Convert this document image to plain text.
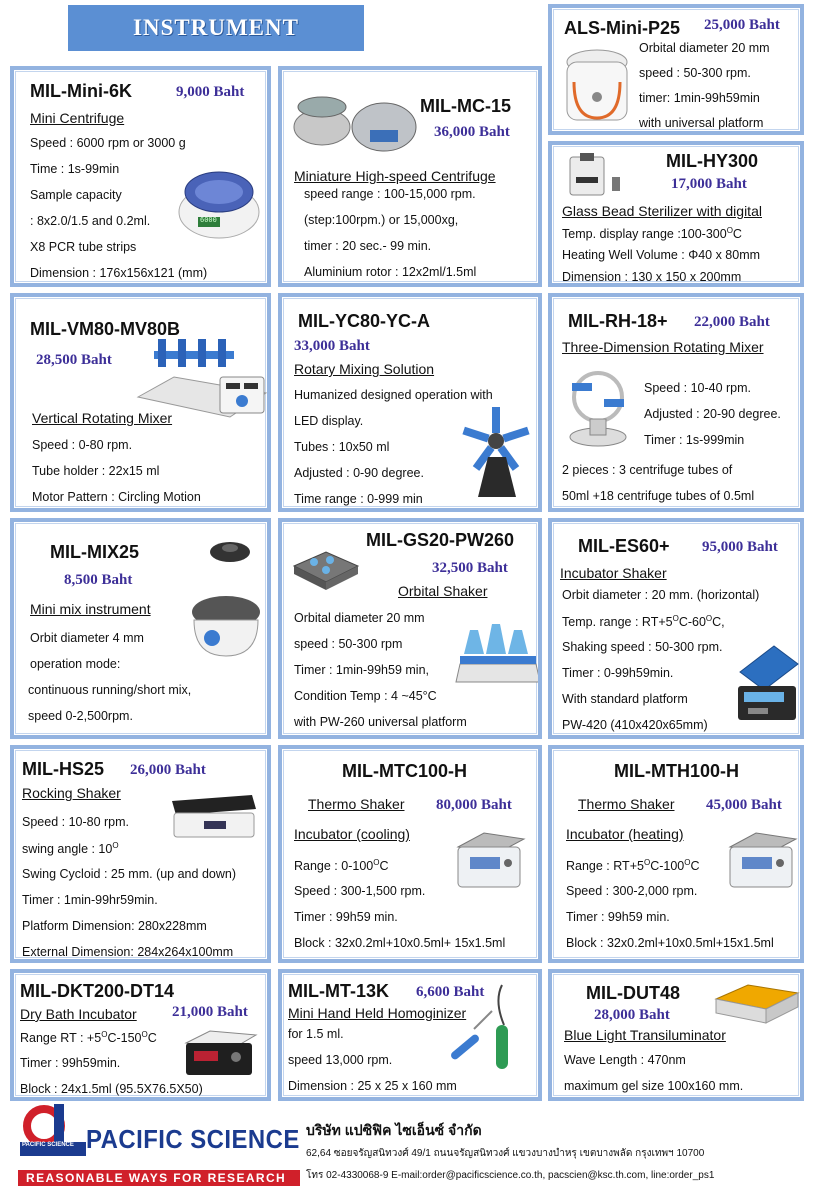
INSTRUMENT	ALS-Mini-P25 25,000 Baht
Orbital diameter 20 mm
speed : 50-300 rpm.
timer: 1min-99h59min
with universal platform
MIL-Mini-6K	9,000 Baht
Mini Centrifuge
Speed : 6000 rpm or 3000 g
Time : 1s-99min
Sample capacity
: 8x2.0/1.5 and 0.2ml.
X8 PCR tube strips
Dimension : 176x156x121 (mm)
6000
MIL-MC-15
36,000 Baht
Miniature High-speed Centrifuge
speed range : 100-15,000 rpm.
(step:100rpm.) or 15,000xg,
timer : 20 sec.- 99 min.
Aluminium rotor : 12x2ml/1.5ml
MIL-HY300
17,000 Baht
Glass Bead Sterilizer with digital
Temp. display range $:100-300^OC$
Heating Well Volume : Φ40 x 80mm
Dimension : 130 x 150 x 200mm
MIL-VM80-MV80B
28,500 Baht
Vertical Rotating Mixer
Speed : 0-80 rpm.
Tube holder : 22x15 ml
Motor Pattern : Circling Motion
MIL-YC80-YC-A
33,000 Baht
Rotary Mixing Solution
Humanized designed operation with
LED display.
Tubes : 10x50 ml
Adjusted : 0-90 degree.
Time range : 0-999 min
MIL-RH-18+ 22,000 Baht
Three-Dimension Rotating Mixer
Speed : 10-40 rpm.
Adjusted : 20-90 degree.
Timer : 1s-999min
2 pieces : 3 centrifuge tubes of
50ml +18 centrifuge tubes of 0.5ml
MIL-MIX25
8,500 Baht
Mini mix instrument
Orbit diameter 4 mm
operation mode:
continuous running/short mix,
speed 0-2,500rpm.
MIL-GS20-PW260
32,500 Baht
Orbital Shaker
Orbital diameter 20 mm
speed : 50-300 rpm
Timer : 1min-99h59 min,
Condition Temp : 4 ~45°C
with PW-260 universal platform
MIL-ES60+ 95,000 Baht
Incubator Shaker
Orbit diameter : 20 mm. (horizontal)
Temp. range : $RT+5^OC-60^OC$,
Shaking speed : 50-300 rpm.
Timer : 0-99h59min.
With standard platform
PW-420 (410x420x65mm)
MIL-HS25 26,000 Baht
Rocking Shaker
Speed : 10-80 rpm.
swing angle : $10^O$
Swing Cycloid : 25 mm. (up and down)
Timer : 1min-99hr59min.
Platform Dimension: 280x228mm
External Dimension: 284x264x100mm
MIL-MTC100-H
Thermo Shaker 80,000 Baht
Incubator (cooling)
Range : $0-100^OC$
Speed : 300-1,500 rpm.
Timer : 99h59 min.
Block : 32x0.2ml+10x0.5ml+ 15x1.5ml
MIL-MTH100-H
Thermo Shaker 45,000 Baht
Incubator (heating)
Range : $RT+5^OC-100^OC$
Speed : 300-2,000 rpm.
Timer : 99h59 min.
Block : 32x0.2ml+10x0.5ml+15x1.5ml
MIL-DKT200-DT14
Dry Bath Incubator 21,000 Baht
Range RT : $+5^OC-150^OC$
Timer : 99h59min.
Block : 24x1.5ml (95.5X76.5X50)
MIL-MT-13K 6,600 Baht
Mini Hand Held Homoginizer
for 1.5 ml.
speed 13,000 rpm.
Dimension : 25 x 25 x 160 mm
MIL-DUT48
28,000 Baht
Blue Light Transiluminator
Wave Length : 470nm
maximum gel size 100x160 mm.
PACIFIC SCIENCE PACIFIC SCIENCE
REASONABLE WAYS FOR RESEARCH
บริษัท แปซิฟิค ไซเอ็นซ์ จำกัด
62,64 ซอยจรัญสนิทวงศ์ 49/1 ถนนจรัญสนิทวงศ์ แขวงบางบำหรุ เขตบางพลัด กรุงเทพฯ 10700
โทร 02-4330068-9 E-mail:order@pacificscience.co.th, pacscien@ksc.th.com, line:order_ps1
